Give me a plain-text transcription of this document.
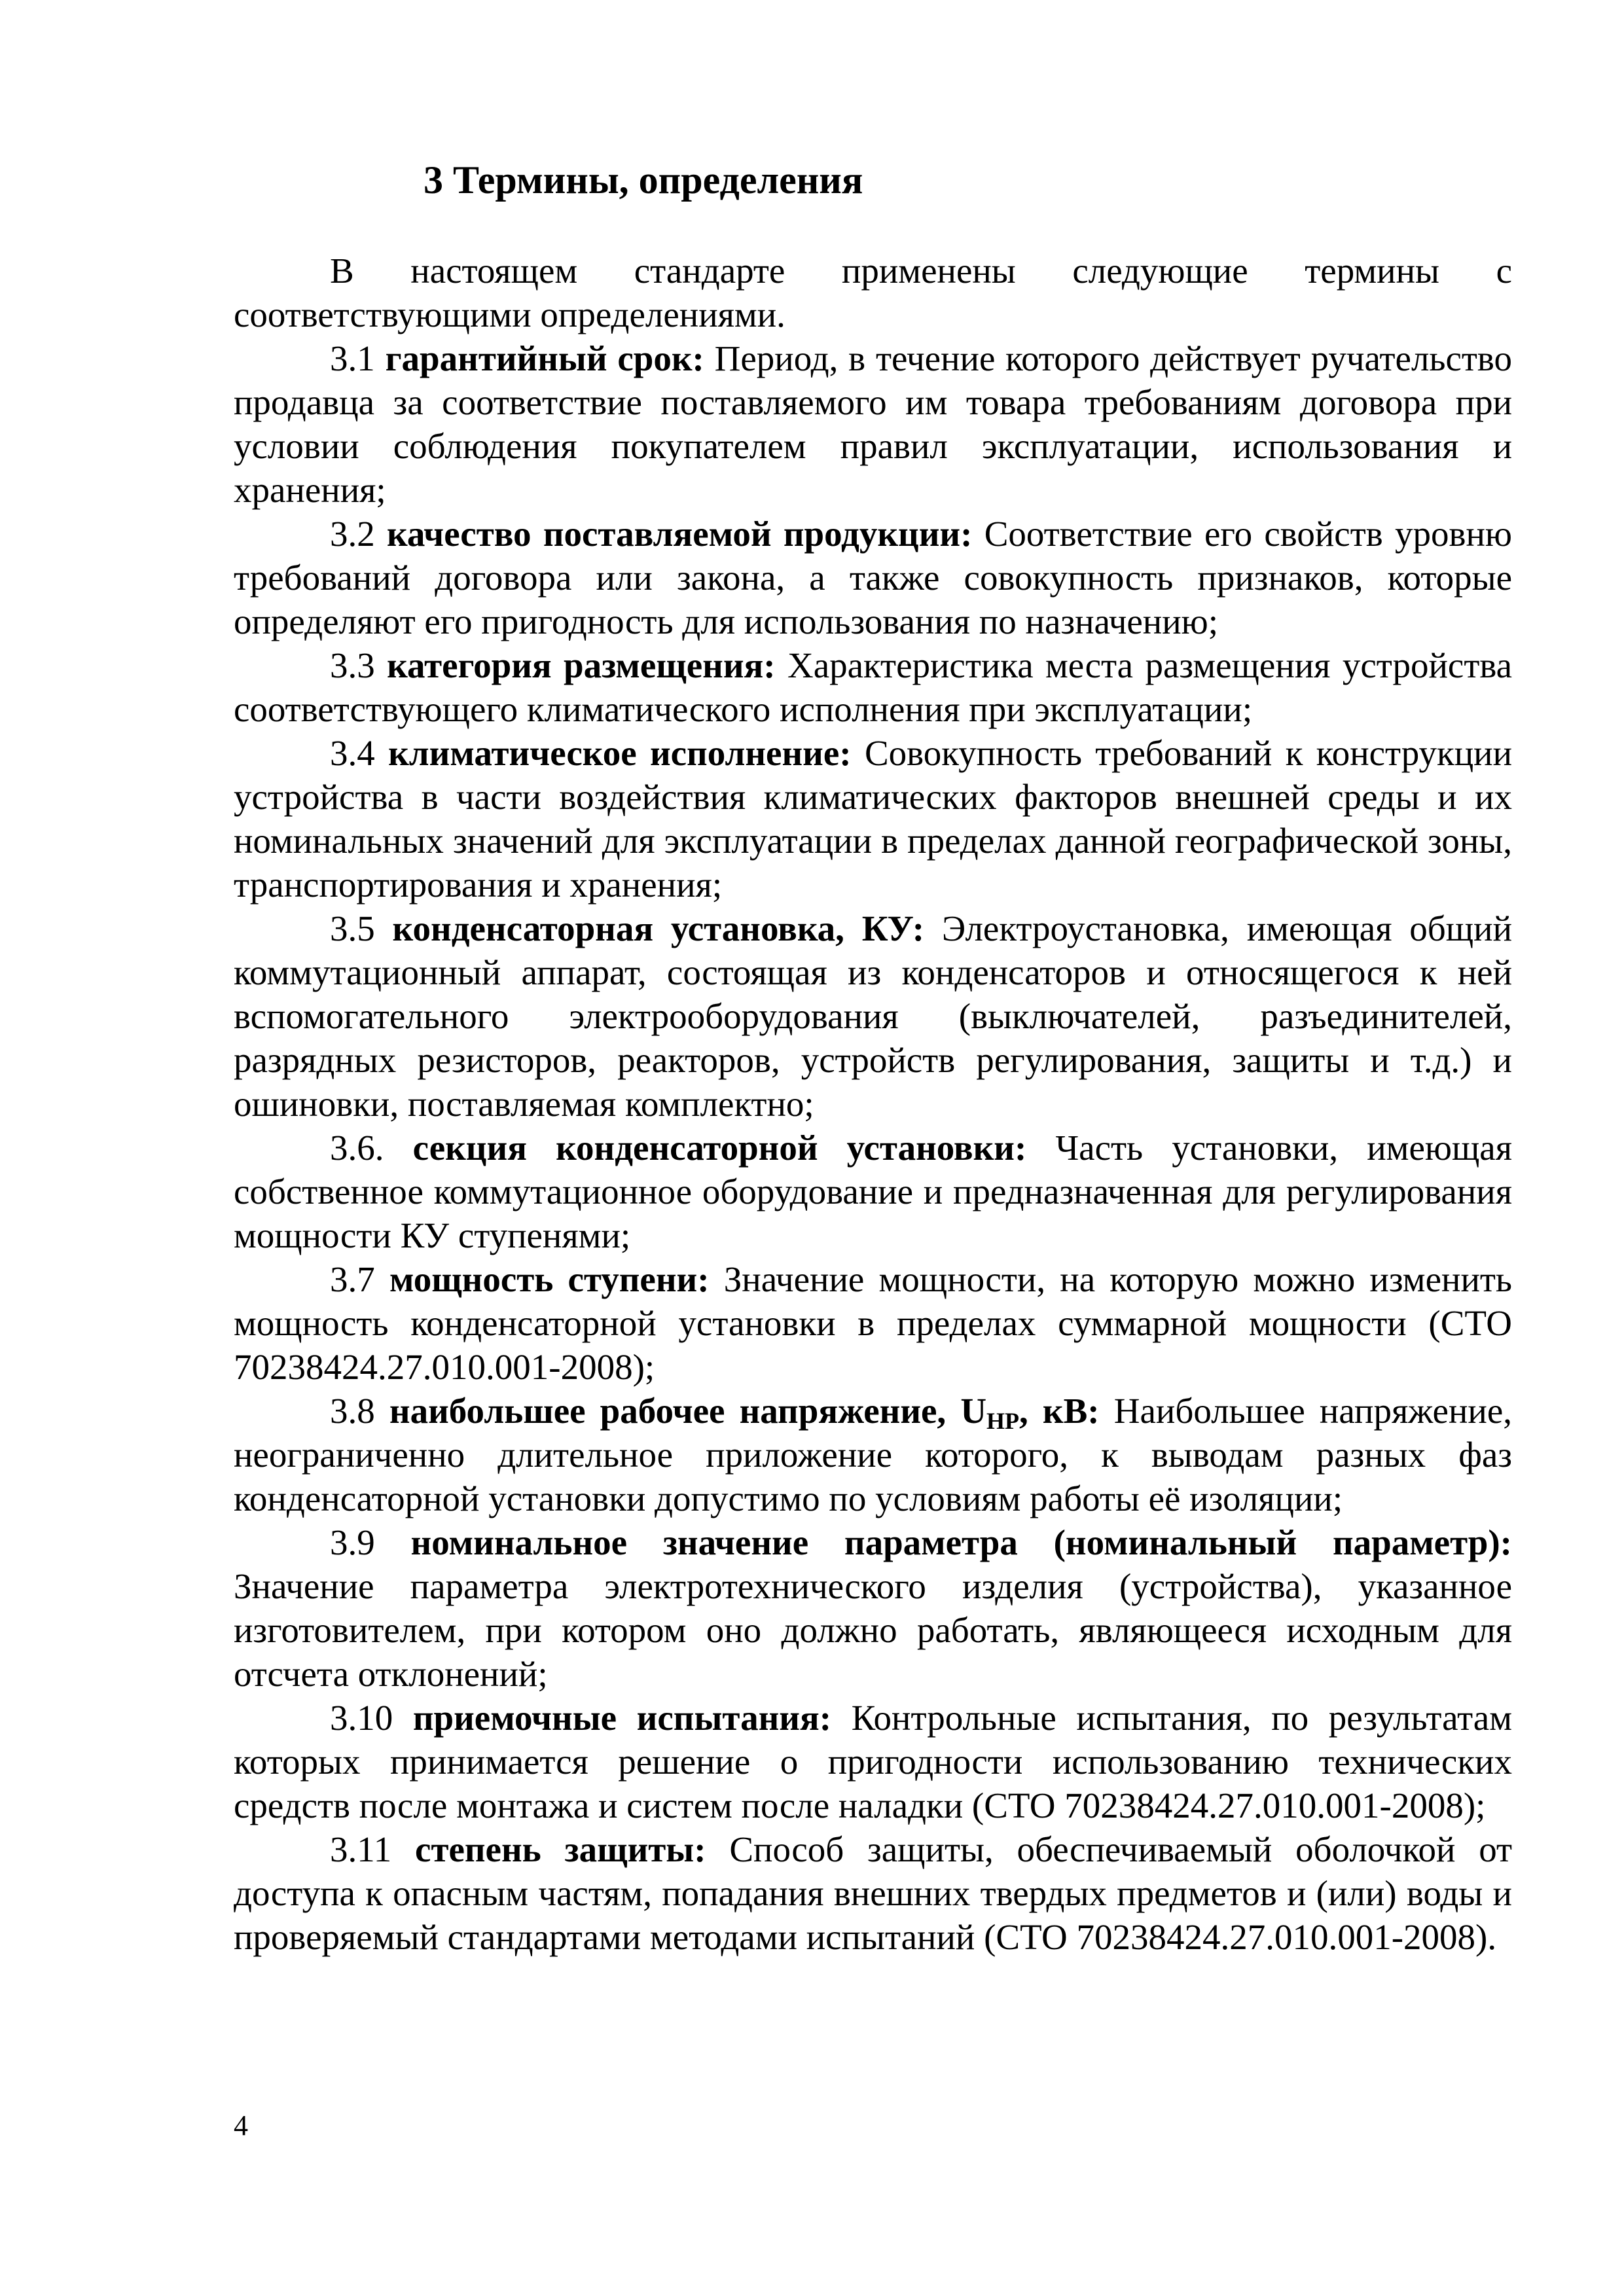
3 Термины, определения

В настоящем стандарте применены следующие термины с соответствующими определениями.

3.1 гарантийный срок: Период, в течение которого действует ручательство продавца за соответствие поставляемого им товара требованиям договора при условии соблюдения покупателем правил эксплуатации, использования и хранения;

3.2 качество поставляемой продукции: Соответствие его свойств уровню требований договора или закона, а также совокупность признаков, которые определяют его пригодность для использования по назначению;

3.3 категория размещения: Характеристика места размещения устройства соответствующего климатического исполнения при эксплуатации;

3.4 климатическое исполнение: Совокупность требований к конструкции устройства в части воздействия климатических факторов внешней среды и их номинальных значений для эксплуатации в пределах данной географической зоны, транспортирования и хранения;

3.5 конденсаторная установка, КУ: Электроустановка, имеющая общий коммутационный аппарат, состоящая из конденсаторов и относящегося к ней вспомогательного электрооборудования (выключателей, разъединителей, разрядных резисторов, реакторов, устройств регулирования, защиты и т.д.) и ошиновки, поставляемая комплектно;

3.6. секция конденсаторной установки: Часть установки, имеющая собственное коммутационное оборудование и предназначенная для регулирования мощности КУ ступенями;

3.7 мощность ступени: Значение мощности, на которую можно изменить мощность конденсаторной установки в пределах суммарной мощности (СТО 70238424.27.010.001-2008);

3.8 наибольшее рабочее напряжение, $U_{НР}$, кВ: Наибольшее напряжение, неограниченно длительное приложение которого, к выводам разных фаз конденсаторной установки допустимо по условиям работы её изоляции;

3.9 номинальное значение параметра (номинальный параметр): Значение параметра электротехнического изделия (устройства), указанное изготовителем, при котором оно должно работать, являющееся исходным для отсчета отклонений;

3.10 приемочные испытания: Контрольные испытания, по результатам которых принимается решение о пригодности использованию технических средств после монтажа и систем после наладки (СТО 70238424.27.010.001-2008);

3.11 степень защиты: Способ защиты, обеспечиваемый оболочкой от доступа к опасным частям, попадания внешних твердых предметов и (или) воды и проверяемый стандартами методами испытаний (СТО 70238424.27.010.001-2008).

4
